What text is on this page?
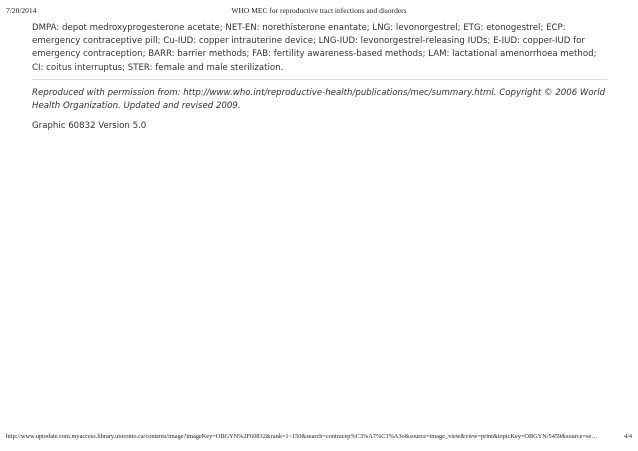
7/20/2014	WHO MEC for reproductive tract infections and disorders

DMPA: depot medroxyprogesterone acetate; NET-EN: norethisterone enantate; LNG: levonorgestrel; ETG: etonogestrel; ECP: emergency contraceptive pill; Cu-IUD: copper intrauterine device; LNG-IUD: levonorgestrel-releasing IUDs; E-IUD: copper-IUD for emergency contraception; BARR: barrier methods; FAB: fertility awareness-based methods; LAM: lactational amenorrhoea method; CI: coitus interruptus; STER: female and male sterilization.

Reproduced with permission from: http://www.who.int/reproductive-health/publications/mec/summary.html. Copyright © 2006 World Health Organization. Updated and revised 2009.

Graphic 60832 Version 5.0

http://www.uptodate.com.myaccess.library.utoronto.ca/contents/image?imageKey=OBGYN%2F60832&rank=1~150&search=contracep%C3%A7%C3%A3o&source=image_view&view=print&topicKey=OBGYN/5459&source=se…	4/4
